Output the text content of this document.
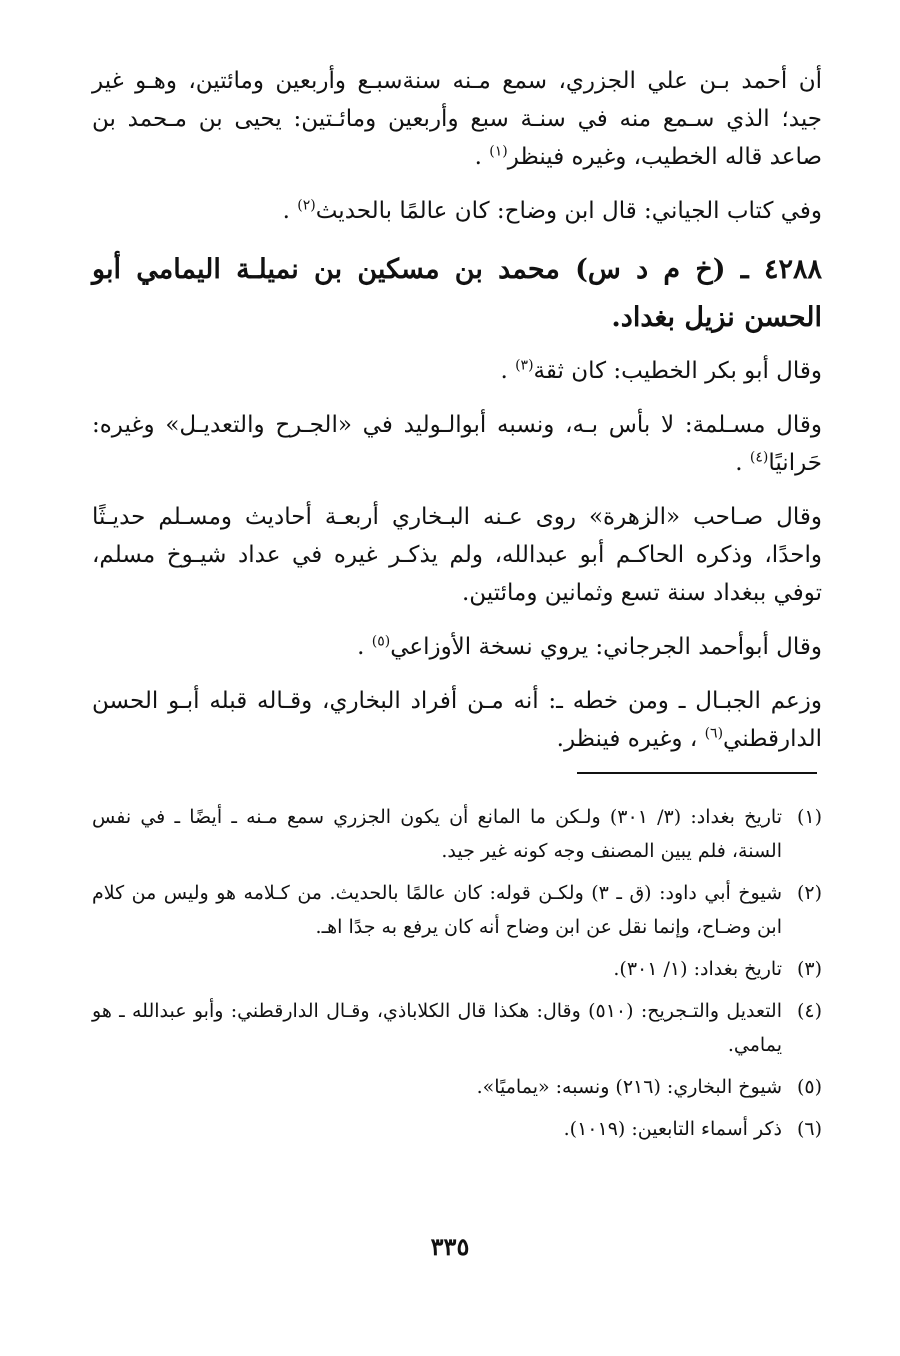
أن أحمد بـن علي الجزري، سمع مـنه سنةسبـع وأربعين ومائتين، وهـو غير جيد؛ الذي سـمع منه في سنـة سبع وأربعين ومائـتين: يحيى بن مـحمد بن صاعد قاله الخطيب، وغيره فينظر$^{(١)}$ .

وفي كتاب الجياني: قال ابن وضاح: كان عالمًا بالحديث$^{(٢)}$ .

٤٢٨٨ ـ (خ م د س) محمد بن مسكين بن نميلـة اليمامي أبو الحسن نزيل بغداد.

وقال أبو بكر الخطيب: كان ثقة$^{(٣)}$ .

وقال مسـلمة: لا بأس بـه، ونسبه أبوالـوليد في «الجـرح والتعديـل» وغيره: حَرانيًا$^{(٤)}$ .

وقال صـاحب «الزهرة» روى عـنه البـخاري أربعـة أحاديث ومسـلم حديـثًا واحدًا، وذكره الحاكـم أبو عبدالله، ولم يذكـر غيره في عداد شيـوخ مسلم، توفي ببغداد سنة تسع وثمانين ومائتين.

وقال أبوأحمد الجرجاني: يروي نسخة الأوزاعي$^{(٥)}$ .

وزعم الجبـال ـ ومن خطه ـ: أنه مـن أفراد البخاري، وقـاله قبله أبـو الحسن الدارقطني$^{(٦)}$ ، وغيره فينظر.

(١)
تاريخ بغداد: (٣/ ٣٠١) ولـكن ما المانع أن يكون الجزري سمع مـنه ـ أيضًا ـ في نفس السنة، فلم يبين المصنف وجه كونه غير جيد.
(٢)
شيوخ أبي داود: (ق ـ ٣) ولكـن قوله: كان عالمًا بالحديث. من كـلامه هو وليس من كلام ابن وضـاح، وإنما نقل عن ابن وضاح أنه كان يرفع به جدًا اهـ.
(٣)
تاريخ بغداد: (١/ ٣٠١).
(٤)
التعديل والتـجريح: (٥١٠) وقال: هكذا قال الكلاباذي، وقـال الدارقطني: وأبو عبدالله ـ هو يمامي.
(٥)
شيوخ البخاري: (٢١٦) ونسبه: «يماميًا».
(٦)
ذكر أسماء التابعين: (١٠١٩).
٣٣٥
